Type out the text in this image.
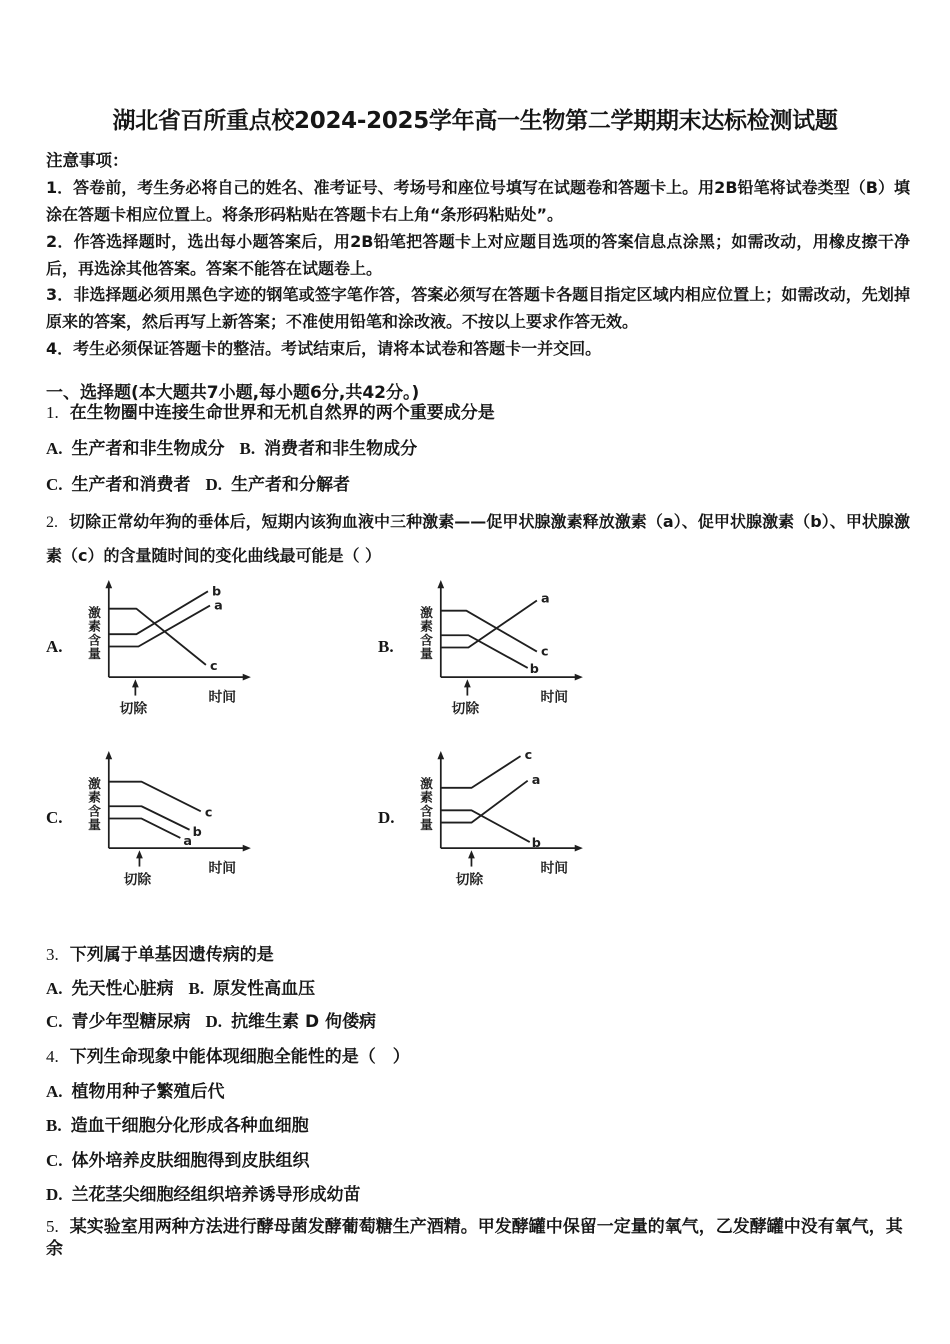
湖北省百所重点校2024-2025学年高一生物第二学期期末达标检测试题
注意事项：
1．答卷前，考生务必将自己的姓名、准考证号、考场号和座位号填写在试题卷和答题卡上。用2B铅笔将试卷类型（B）填涂在答题卡相应位置上。将条形码粘贴在答题卡右上角“条形码粘贴处”。
2．作答选择题时，选出每小题答案后，用2B铅笔把答题卡上对应题目选项的答案信息点涂黑；如需改动，用橡皮擦干净后，再选涂其他答案。答案不能答在试题卷上。
3．非选择题必须用黑色字迹的钢笔或签字笔作答，答案必须写在答题卡各题目指定区域内相应位置上；如需改动，先划掉原来的答案，然后再写上新答案；不准使用铅笔和涂改液。不按以上要求作答无效。
4．考生必须保证答题卡的整洁。考试结束后，请将本试卷和答题卡一并交回。
一、选择题(本大题共7小题,每小题6分,共42分。)
1. 在生物圈中连接生命世界和无机自然界的两个重要成分是
A. 生产者和非生物成分 B. 消费者和非生物成分
C. 生产者和消费者 D. 生产者和分解者
2. 切除正常幼年狗的垂体后，短期内该狗血液中三种激素——促甲状腺激素释放激素（a）、促甲状腺激素（b）、甲状腺激素（c）的含量随时间的变化曲线最可能是（ ）
A.
激
素
含
量
时间
切除
c
b
a
B.
激
素
含
量
时间
切除
c
b
a
C.
激
素
含
量
时间
切除
c
b
a
D.
激
素
含
量
时间
切除
c
b
a
3. 下列属于单基因遗传病的是
A. 先天性心脏病 B. 原发性高血压
C. 青少年型糖尿病 D. 抗维生素 D 佝偻病
4. 下列生命现象中能体现细胞全能性的是（　）
A. 植物用种子繁殖后代
B. 造血干细胞分化形成各种血细胞
C. 体外培养皮肤细胞得到皮肤组织
D. 兰花茎尖细胞经组织培养诱导形成幼苗
5. 某实验室用两种方法进行酵母菌发酵葡萄糖生产酒精。甲发酵罐中保留一定量的氧气，乙发酵罐中没有氧气，其余
